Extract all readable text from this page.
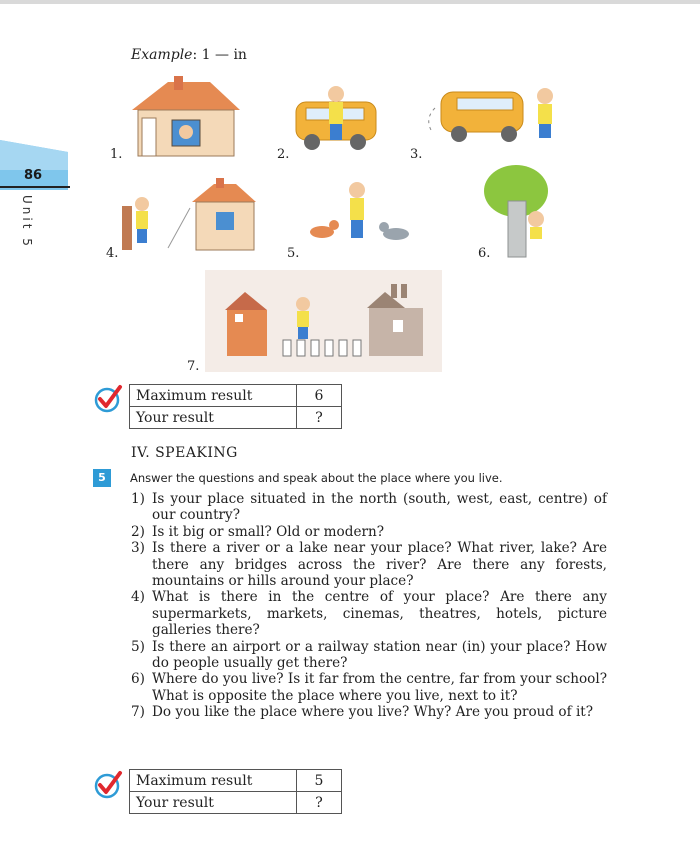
Example: 1 — in
86
Unit 5
1.	2.	3.
4.	5.	6.
7.
Maximum result	6
Your result	?
IV. SPEAKING
5	Answer the questions and speak about the place where you live.
1) Is your place situated in the north (south, west, east, centre) of our country?
2) Is it big or small? Old or modern?
3) Is there a river or a lake near your place? What river, lake? Are there any bridges across the river? Are there any forests, mountains or hills around your place?
4) What is there in the centre of your place? Are there any supermarkets, markets, cinemas, theatres, hotels, picture galleries there?
5) Is there an airport or a railway station near (in) your place? How do people usually get there?
6) Where do you live? Is it far from the centre, far from your school? What is opposite the place where you live, next to it?
7) Do you like the place where you live? Why? Are you proud of it?
Maximum result	5
Your result	?
